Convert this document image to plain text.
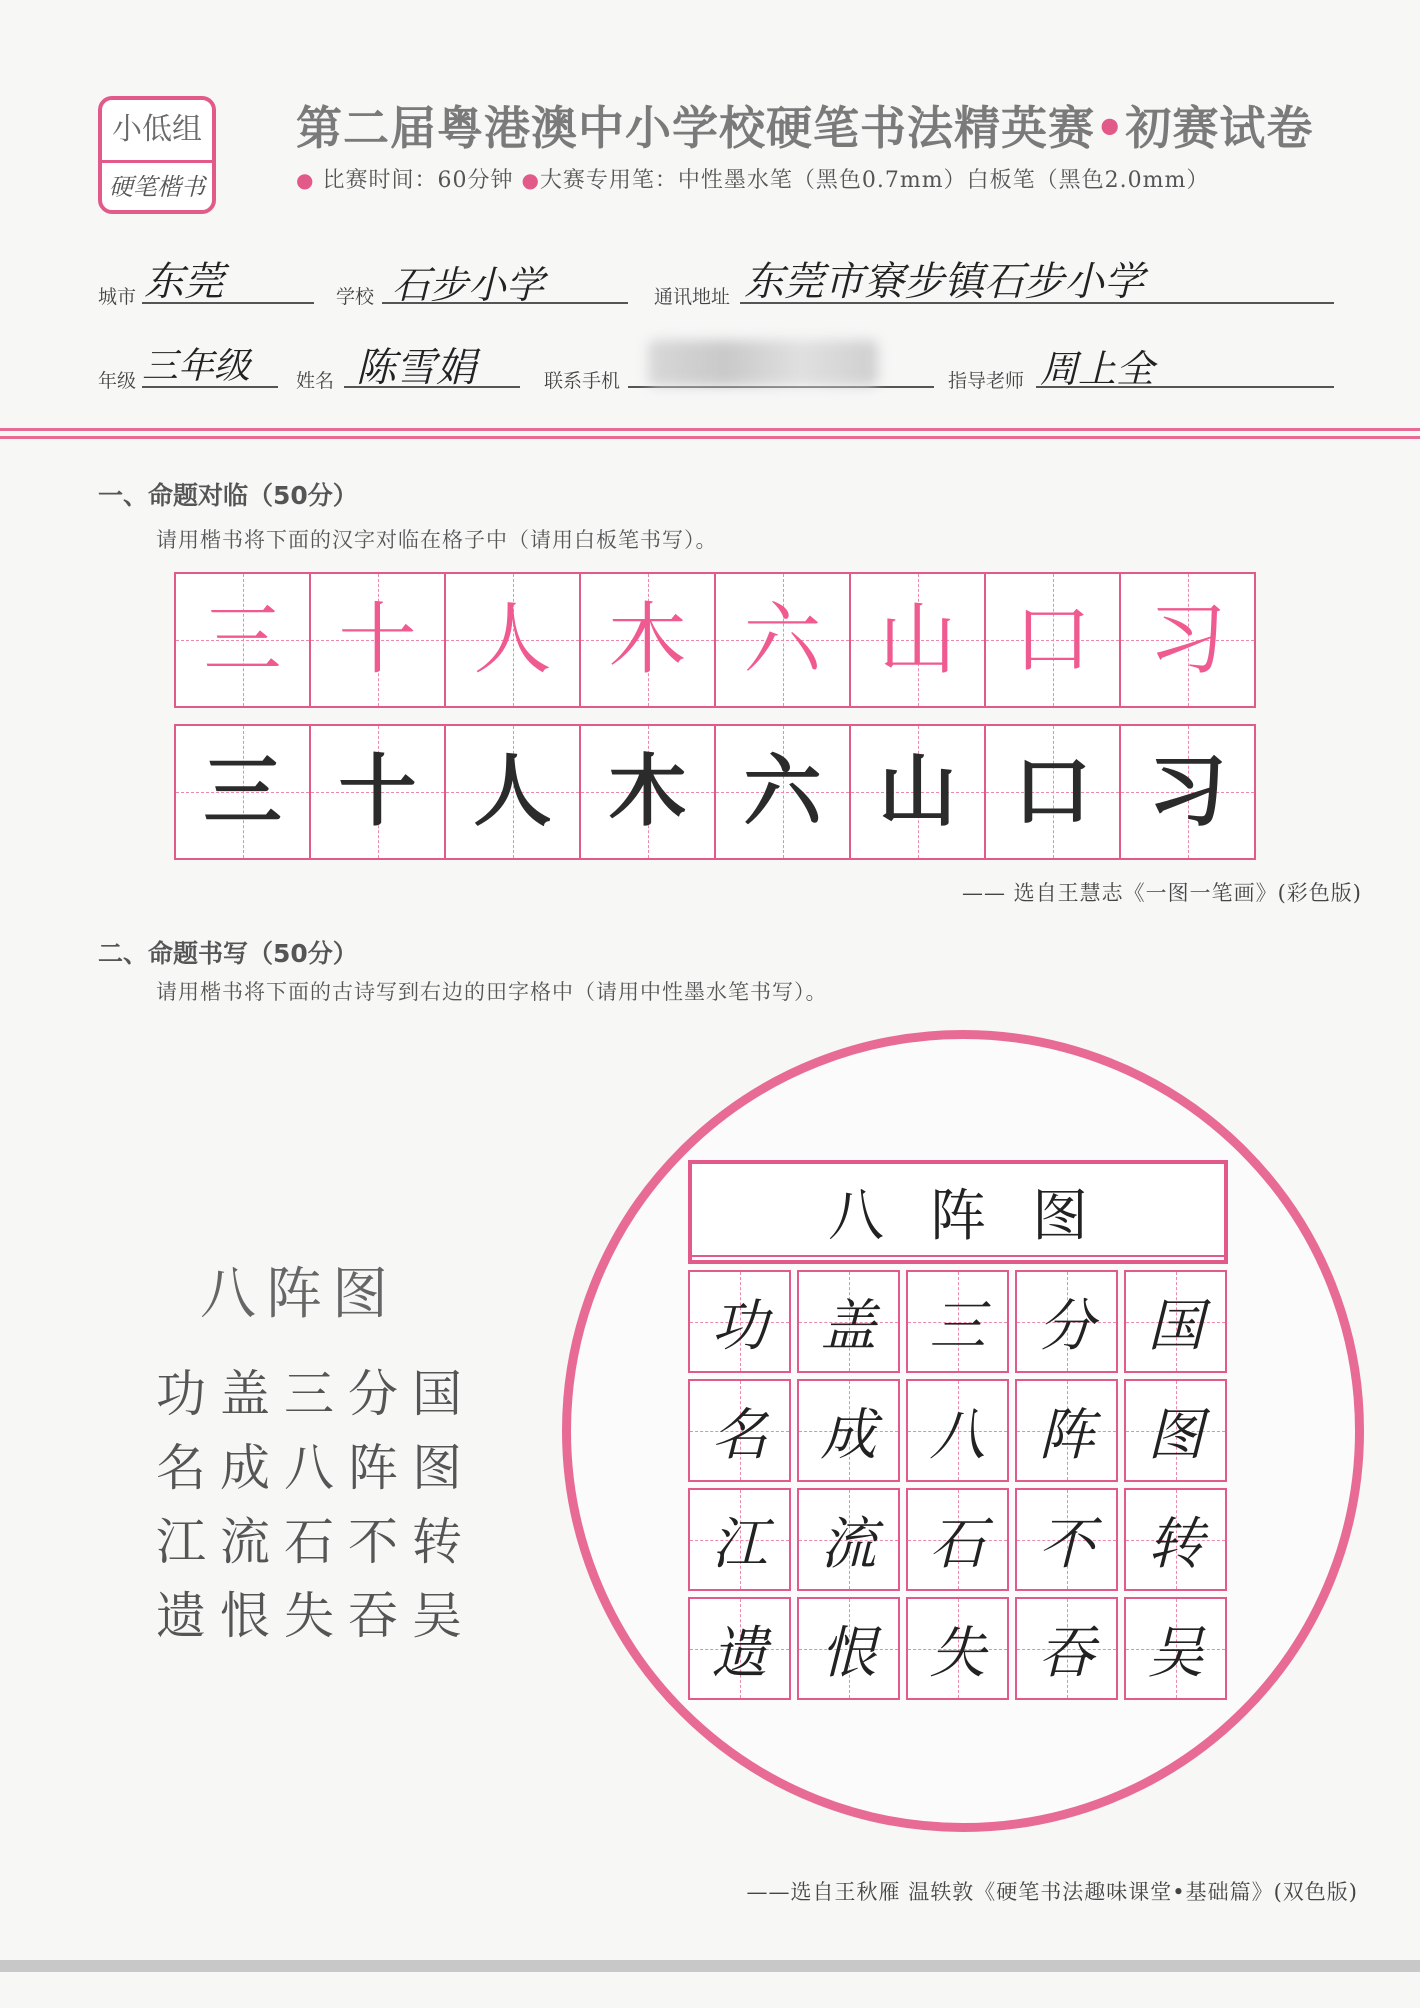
小低组
硬笔楷书
第二届粤港澳中小学校硬笔书法精英赛•初赛试卷
● 比赛时间：60分钟 ●大赛专用笔：中性墨水笔（黑色0.7mm）白板笔（黑色2.0mm）
城市 东莞	学校 石步小学	通讯地址 东莞市寮步镇石步小学
年级 三年级 姓名 陈雪娟	联系手机	指导老师 周上全
一、命题对临（50分）
请用楷书将下面的汉字对临在格子中（请用白板笔书写）。
三 十 人 木 六 山 口 习
三 十 人 木 六 山 口 习
—— 选自王慧志《一图一笔画》(彩色版)
二、命题书写（50分）
请用楷书将下面的古诗写到右边的田字格中（请用中性墨水笔书写）。
八阵图
功盖三分国
名成八阵图
江流石不转
遗恨失吞吴
八阵图
功 盖 三 分 国
名 成 八 阵 图
江 流 石 不 转
遗 恨 失 吞 吴
——选自王秋雁 温轶敦《硬笔书法趣味课堂•基础篇》(双色版)
